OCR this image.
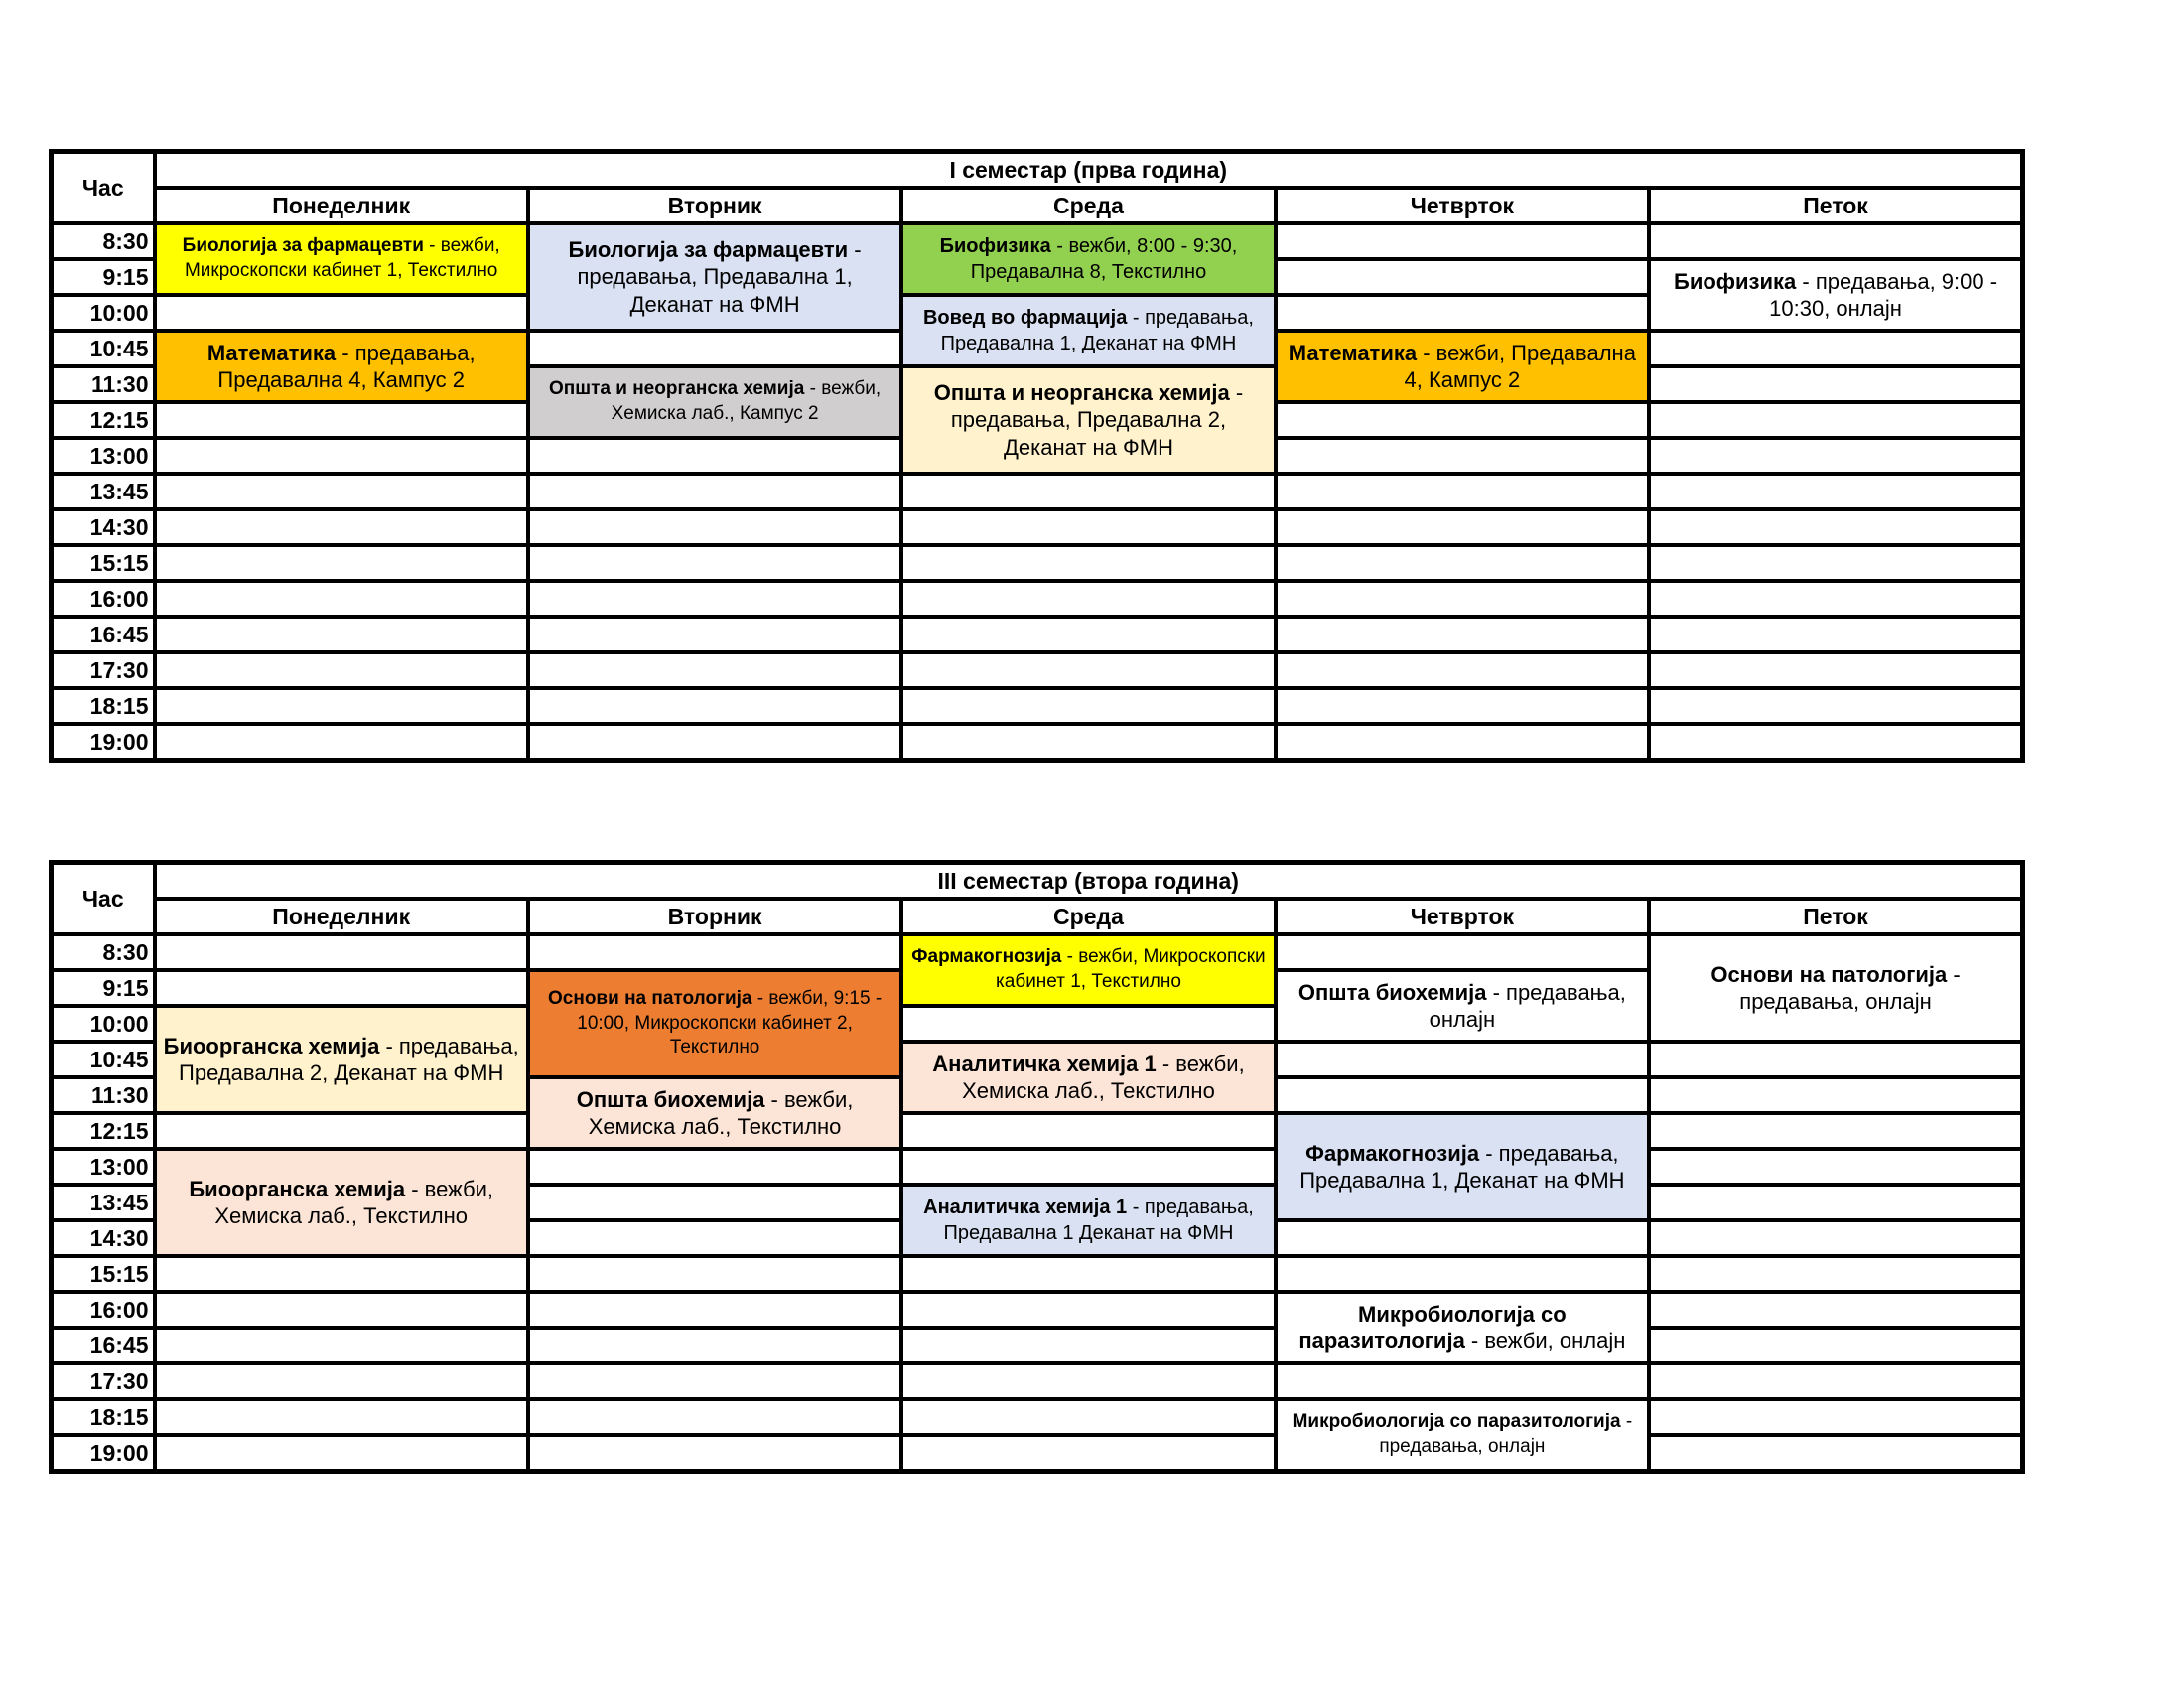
Час	I семестар (прва година)				
	Понеделник	Вторник	Среда	Четврток	Петок
8:30	Биологија за фармацевти - вежби, Микроскопски кабинет 1, Текстилно	Биологија за фармацевти - предавања, Предавална 1, Деканат на ФМН	Биофизика - вежби, 8:00 - 9:30, Предавална 8, Текстилно		
9:15					Биофизика - предавања, 9:00 - 10:30, онлајн
10:00			Вовед во фармација - предавања, Предавална 1, Деканат на ФМН		
10:45	Математика - предавања, Предавална 4, Кампус 2			Математика - вежби, Предавална 4, Кампус 2	
11:30		Општа и неорганска хемија - вежби, Хемиска лаб., Кампус 2	Општа и неорганска хемија - предавања, Предавална 2, Деканат на ФМН		
12:15					
13:00					
13:45					
14:30					
15:15					
16:00					
16:45					
17:30					
18:15					
19:00					
Час	III семестар (втора година)				
	Понеделник	Вторник	Среда	Четврток	Петок
8:30			Фармакогнозија - вежби, Микроскопски кабинет 1, Текстилно		Основи на патологија - предавања, онлајн
9:15		Основи на патологија - вежби, 9:15 - 10:00, Микроскопски кабинет 2, Текстилно		Општа биохемија - предавања, онлајн	
10:00	Биоорганска хемија - предавања, Предавална 2, Деканат на ФМН				
10:45			Аналитичка хемија 1 - вежби, Хемиска лаб., Текстилно		
11:30		Општа биохемија - вежби, Хемиска лаб., Текстилно			
12:15				Фармакогнозија - предавања, Предавална 1, Деканат на ФМН	
13:00	Биоорганска хемија - вежби, Хемиска лаб., Текстилно				
13:45			Аналитичка хемија 1 - предавања, Предавална 1 Деканат на ФМН		
14:30					
15:15					
16:00				Микробиологија со паразитологија - вежби, онлајн	
16:45					
17:30					
18:15				Микробиологија со паразитологија - предавања, онлајн	
19:00					
